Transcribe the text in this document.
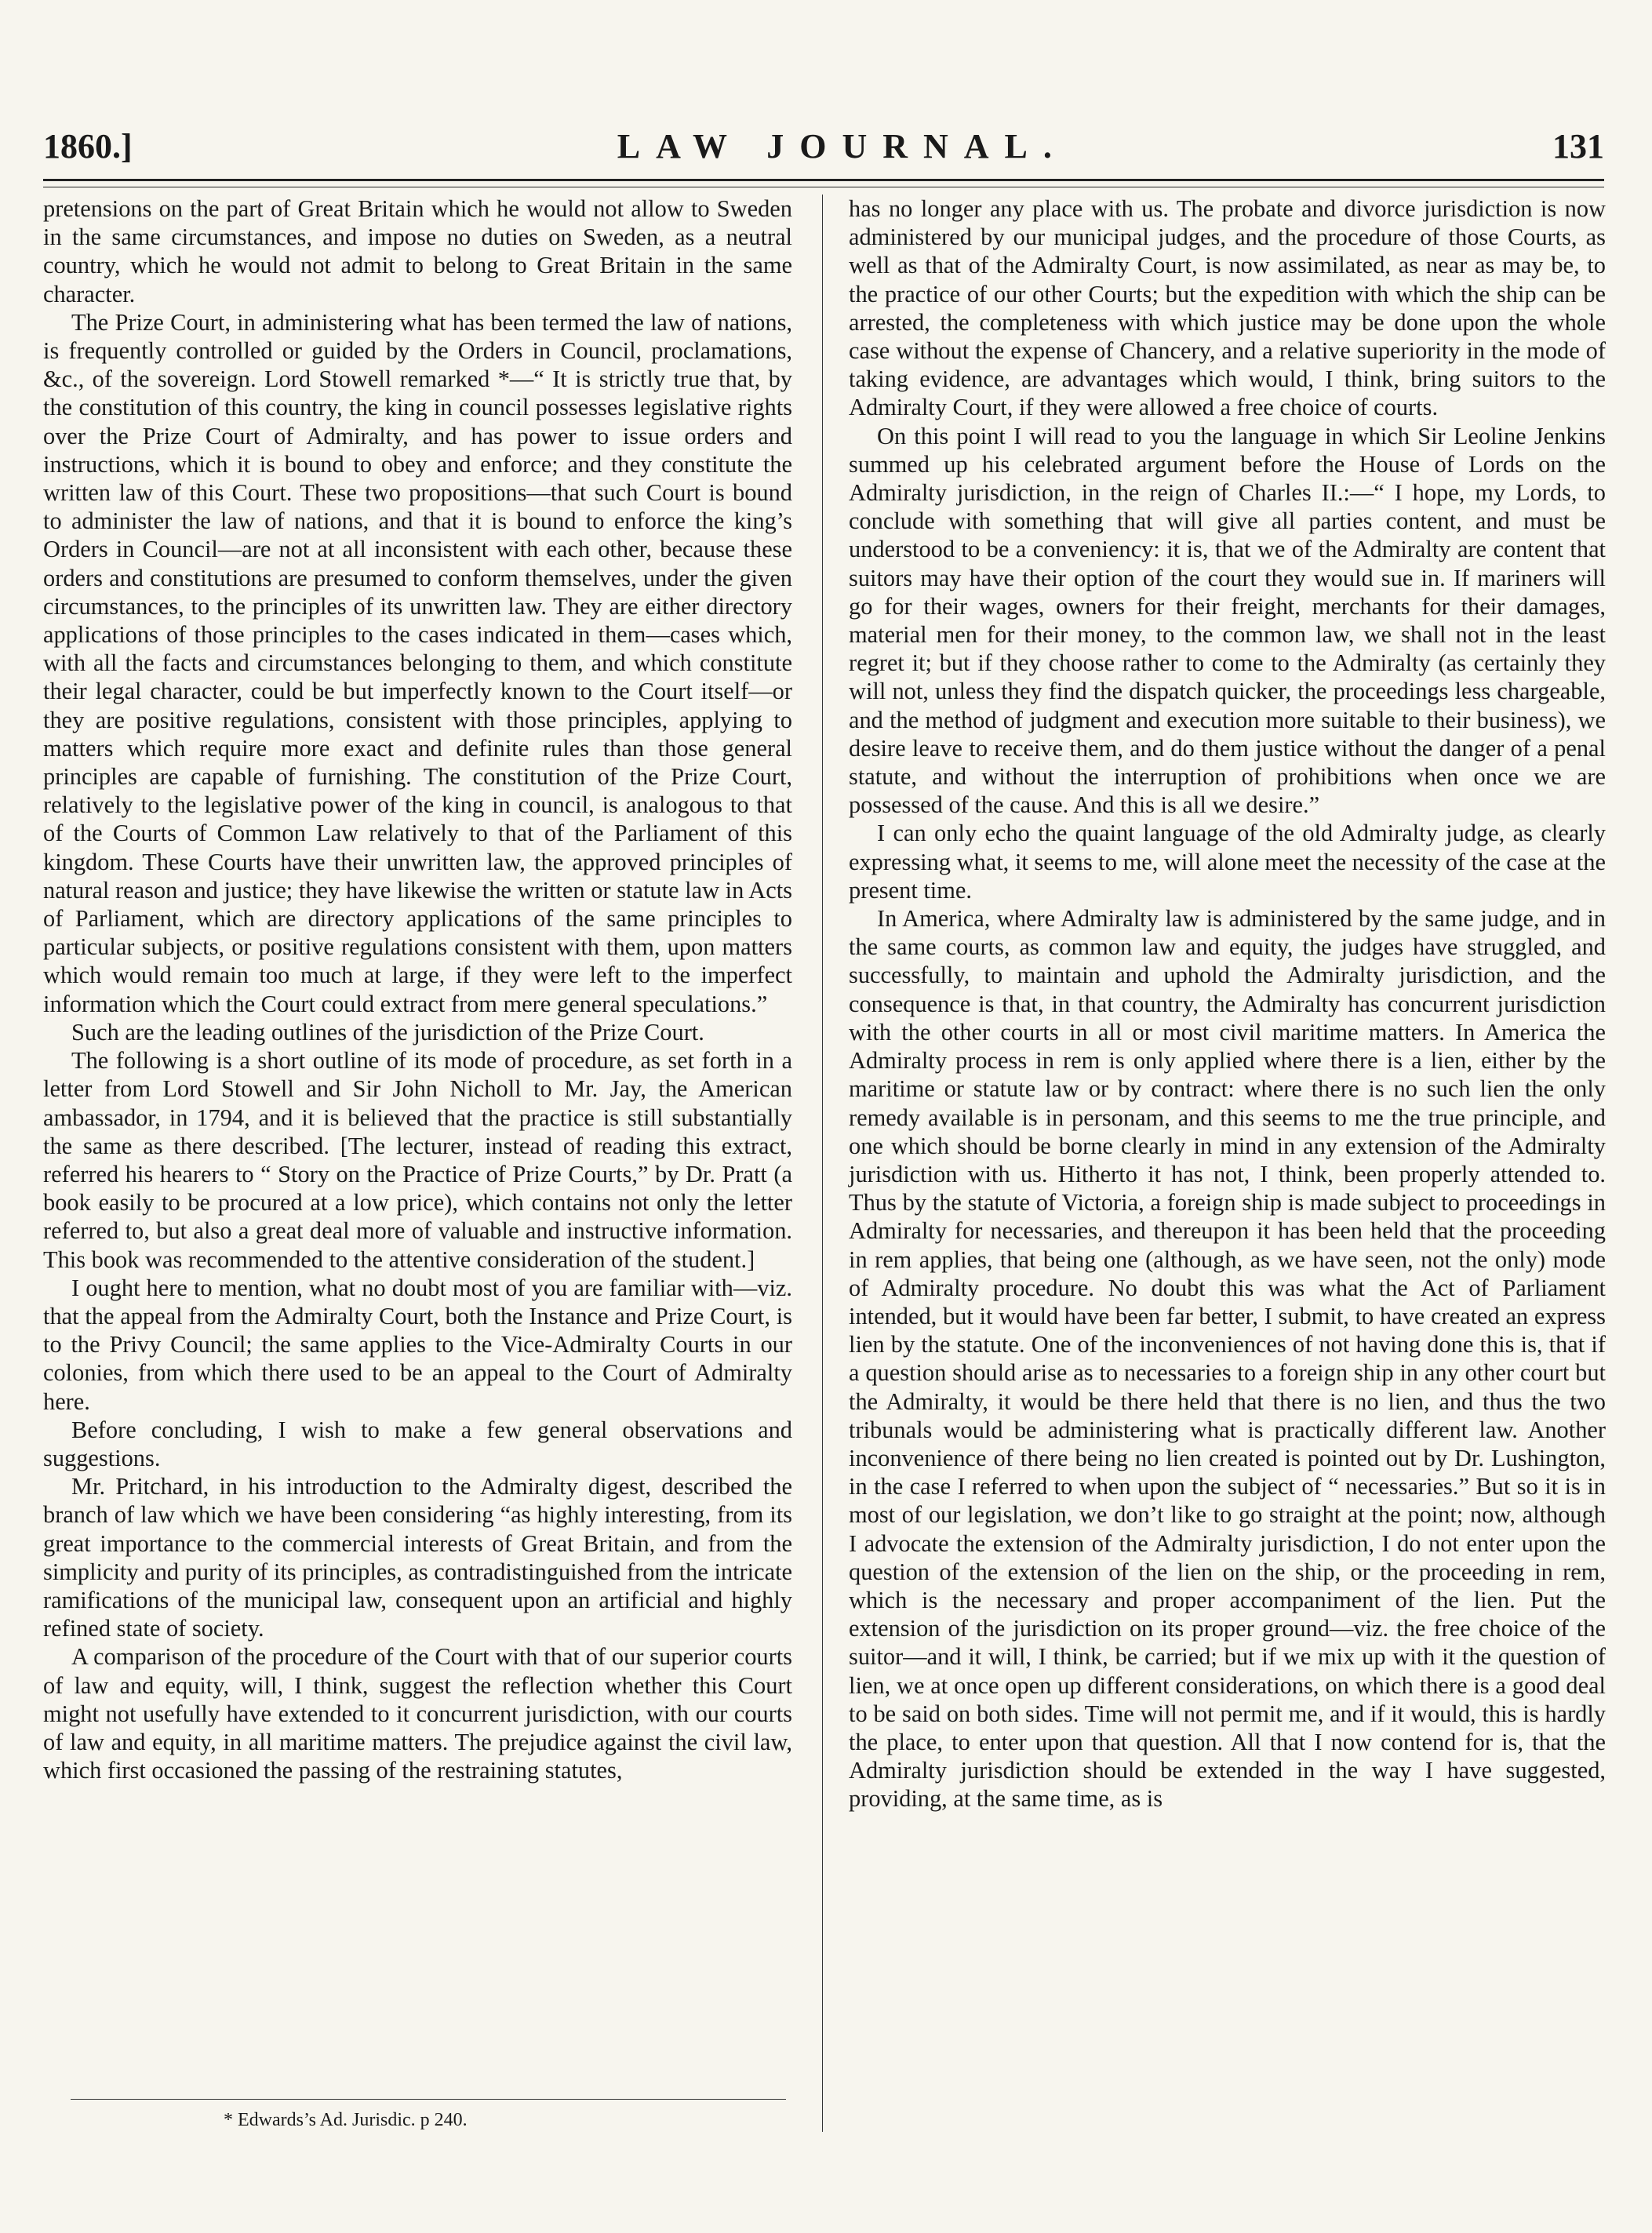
1860.]	LAW JOURNAL.	131

pretensions on the part of Great Britain which he would not allow to Sweden in the same circumstances, and impose no duties on Sweden, as a neutral country, which he would not admit to belong to Great Britain in the same character.

The Prize Court, in administering what has been termed the law of nations, is frequently controlled or guided by the Orders in Council, proclamations, &c., of the sovereign. Lord Stowell remarked *—“ It is strictly true that, by the constitution of this country, the king in council possesses legislative rights over the Prize Court of Admiralty, and has power to issue orders and instructions, which it is bound to obey and enforce; and they constitute the written law of this Court. These two propositions—that such Court is bound to administer the law of nations, and that it is bound to enforce the king’s Orders in Council—are not at all inconsistent with each other, because these orders and constitutions are presumed to conform themselves, under the given circumstances, to the principles of its unwritten law. They are either directory applications of those principles to the cases indicated in them—cases which, with all the facts and circumstances belonging to them, and which constitute their legal character, could be but imperfectly known to the Court itself—or they are positive regulations, consistent with those principles, applying to matters which require more exact and definite rules than those general principles are capable of furnishing. The constitution of the Prize Court, relatively to the legislative power of the king in council, is analogous to that of the Courts of Common Law relatively to that of the Parliament of this kingdom. These Courts have their unwritten law, the approved principles of natural reason and justice; they have likewise the written or statute law in Acts of Parliament, which are directory applications of the same principles to particular subjects, or positive regulations consistent with them, upon matters which would remain too much at large, if they were left to the imperfect information which the Court could extract from mere general speculations.”

Such are the leading outlines of the jurisdiction of the Prize Court.

The following is a short outline of its mode of procedure, as set forth in a letter from Lord Stowell and Sir John Nicholl to Mr. Jay, the American ambassador, in 1794, and it is believed that the practice is still substantially the same as there described. [The lecturer, instead of reading this extract, referred his hearers to “ Story on the Practice of Prize Courts,” by Dr. Pratt (a book easily to be procured at a low price), which contains not only the letter referred to, but also a great deal more of valuable and instructive information. This book was recommended to the attentive consideration of the student.]

I ought here to mention, what no doubt most of you are familiar with—viz. that the appeal from the Admiralty Court, both the Instance and Prize Court, is to the Privy Council; the same applies to the Vice-Admiralty Courts in our colonies, from which there used to be an appeal to the Court of Admiralty here.

Before concluding, I wish to make a few general observations and suggestions.

Mr. Pritchard, in his introduction to the Admiralty digest, described the branch of law which we have been considering “as highly interesting, from its great importance to the commercial interests of Great Britain, and from the simplicity and purity of its principles, as contradistinguished from the intricate ramifications of the municipal law, consequent upon an artificial and highly refined state of society.

A comparison of the procedure of the Court with that of our superior courts of law and equity, will, I think, suggest the reflection whether this Court might not usefully have extended to it concurrent jurisdiction, with our courts of law and equity, in all maritime matters. The prejudice against the civil law, which first occasioned the passing of the restraining statutes,

has no longer any place with us. The probate and divorce jurisdiction is now administered by our municipal judges, and the procedure of those Courts, as well as that of the Admiralty Court, is now assimilated, as near as may be, to the practice of our other Courts; but the expedition with which the ship can be arrested, the completeness with which justice may be done upon the whole case without the expense of Chancery, and a relative superiority in the mode of taking evidence, are advantages which would, I think, bring suitors to the Admiralty Court, if they were allowed a free choice of courts.

On this point I will read to you the language in which Sir Leoline Jenkins summed up his celebrated argument before the House of Lords on the Admiralty jurisdiction, in the reign of Charles II.:—“ I hope, my Lords, to conclude with something that will give all parties content, and must be understood to be a conveniency: it is, that we of the Admiralty are content that suitors may have their option of the court they would sue in. If mariners will go for their wages, owners for their freight, merchants for their damages, material men for their money, to the common law, we shall not in the least regret it; but if they choose rather to come to the Admiralty (as certainly they will not, unless they find the dispatch quicker, the proceedings less chargeable, and the method of judgment and execution more suitable to their business), we desire leave to receive them, and do them justice without the danger of a penal statute, and without the interruption of prohibitions when once we are possessed of the cause. And this is all we desire.”

I can only echo the quaint language of the old Admiralty judge, as clearly expressing what, it seems to me, will alone meet the necessity of the case at the present time.

In America, where Admiralty law is administered by the same judge, and in the same courts, as common law and equity, the judges have struggled, and successfully, to maintain and uphold the Admiralty jurisdiction, and the consequence is that, in that country, the Admiralty has concurrent jurisdiction with the other courts in all or most civil maritime matters. In America the Admiralty process in rem is only applied where there is a lien, either by the maritime or statute law or by contract: where there is no such lien the only remedy available is in personam, and this seems to me the true principle, and one which should be borne clearly in mind in any extension of the Admiralty jurisdiction with us. Hitherto it has not, I think, been properly attended to. Thus by the statute of Victoria, a foreign ship is made subject to proceedings in Admiralty for necessaries, and thereupon it has been held that the proceeding in rem applies, that being one (although, as we have seen, not the only) mode of Admiralty procedure. No doubt this was what the Act of Parliament intended, but it would have been far better, I submit, to have created an express lien by the statute. One of the inconveniences of not having done this is, that if a question should arise as to necessaries to a foreign ship in any other court but the Admiralty, it would be there held that there is no lien, and thus the two tribunals would be administering what is practically different law. Another inconvenience of there being no lien created is pointed out by Dr. Lushington, in the case I referred to when upon the subject of “ necessaries.” But so it is in most of our legislation, we don’t like to go straight at the point; now, although I advocate the extension of the Admiralty jurisdiction, I do not enter upon the question of the extension of the lien on the ship, or the proceeding in rem, which is the necessary and proper accompaniment of the lien. Put the extension of the jurisdiction on its proper ground—viz. the free choice of the suitor—and it will, I think, be carried; but if we mix up with it the question of lien, we at once open up different considerations, on which there is a good deal to be said on both sides. Time will not permit me, and if it would, this is hardly the place, to enter upon that question. All that I now contend for is, that the Admiralty jurisdiction should be extended in the way I have suggested, providing, at the same time, as is

* Edwards’s Ad. Jurisdic. p 240.
